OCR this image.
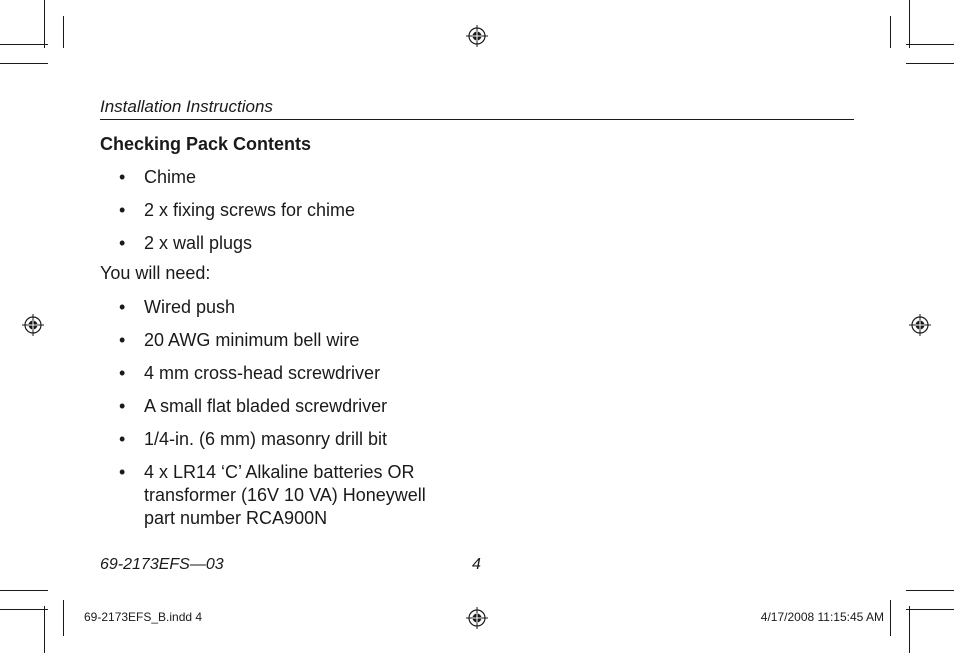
Installation Instructions
Checking Pack Contents
• Chime
• 2 x fixing screws for chime
• 2 x wall plugs
You will need:
• Wired push
• 20 AWG minimum bell wire
• 4 mm cross-head screwdriver
• A small flat bladed screwdriver
• 1/4-in. (6 mm) masonry drill bit
• 4 x LR14 ‘C’ Alkaline batteries OR
transformer (16V 10 VA) Honeywell
part number RCA900N
69-2173EFS—03	4
69-2173EFS_B.indd 4	4/17/2008 11:15:45 AM
